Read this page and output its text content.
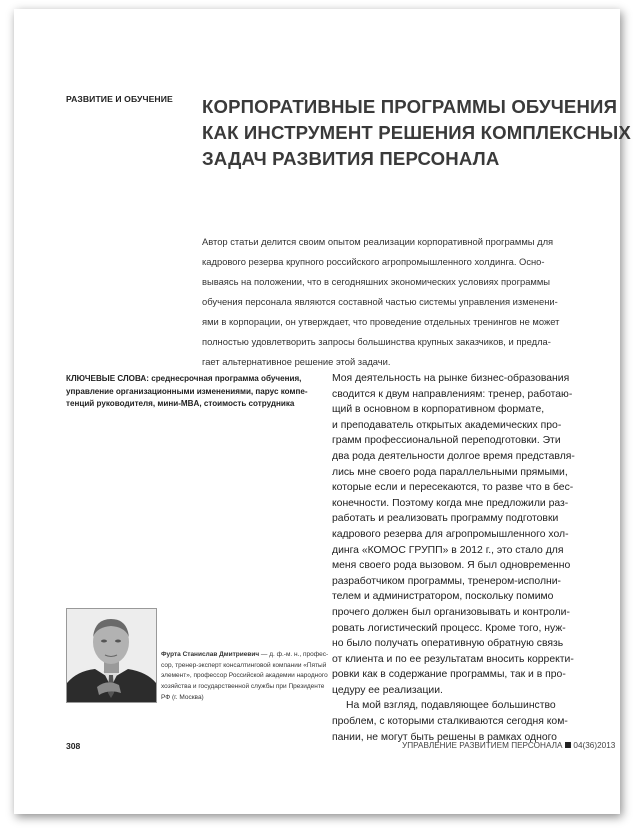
РАЗВИТИЕ И ОБУЧЕНИЕ КОРПОРАТИВНЫЕ ПРОГРАММЫ ОБУЧЕНИЯ
КАК ИНСТРУМЕНТ РЕШЕНИЯ КОМПЛЕКСНЫХ
ЗАДАЧ РАЗВИТИЯ ПЕРСОНАЛА
Автор статьи делится своим опытом реализации корпоративной программы для
кадрового резерва крупного российского агропромышленного холдинга. Осно-
вываясь на положении, что в сегодняшних экономических условиях программы
обучения персонала являются составной частью системы управления изменени-
ями в корпорации, он утверждает, что проведение отдельных тренингов не может
полностью удовлетворить запросы большинства крупных заказчиков, и предла-
гает альтернативное решение этой задачи.
КЛЮЧЕВЫЕ СЛОВА: среднесрочная программа обучения,
управление организационными изменениями, парус компе-
тенций руководителя, мини-MBA, стоимость сотрудника
Моя деятельность на рынке бизнес-образования
сводится к двум направлениям: тренер, работаю-
щий в основном в корпоративном формате,
и преподаватель открытых академических про-
грамм профессиональной переподготовки. Эти
два рода деятельности долгое время представля-
лись мне своего рода параллельными прямыми,
которые если и пересекаются, то разве что в бес-
конечности. Поэтому когда мне предложили раз-
работать и реализовать программу подготовки
кадрового резерва для агропромышленного хол-
динга «КОМОС ГРУПП» в 2012 г., это стало для
меня своего рода вызовом. Я был одновременно
разработчиком программы, тренером-исполни-
телем и администратором, поскольку помимо
прочего должен был организовывать и контроли-
ровать логистический процесс. Кроме того, нуж-
но было получать оперативную обратную связь
от клиента и по ее результатам вносить корректи-
ровки как в содержание программы, так и в про-
цедуру ее реализации.
На мой взгляд, подавляющее большинство
проблем, с которыми сталкиваются сегодня ком-
пании, не могут быть решены в рамках одного
Фурта Станислав Дмитриевич — д. ф.-м. н., профес-
сор, тренер-эксперт консалтинговой компании «Пятый
элемент», профессор Российской академии народного
хозяйства и государственной службы при Президенте
РФ (г. Москва)
308	УПРАВЛЕНИЕ РАЗВИТИЕМ ПЕРСОНАЛА 04(36)2013
